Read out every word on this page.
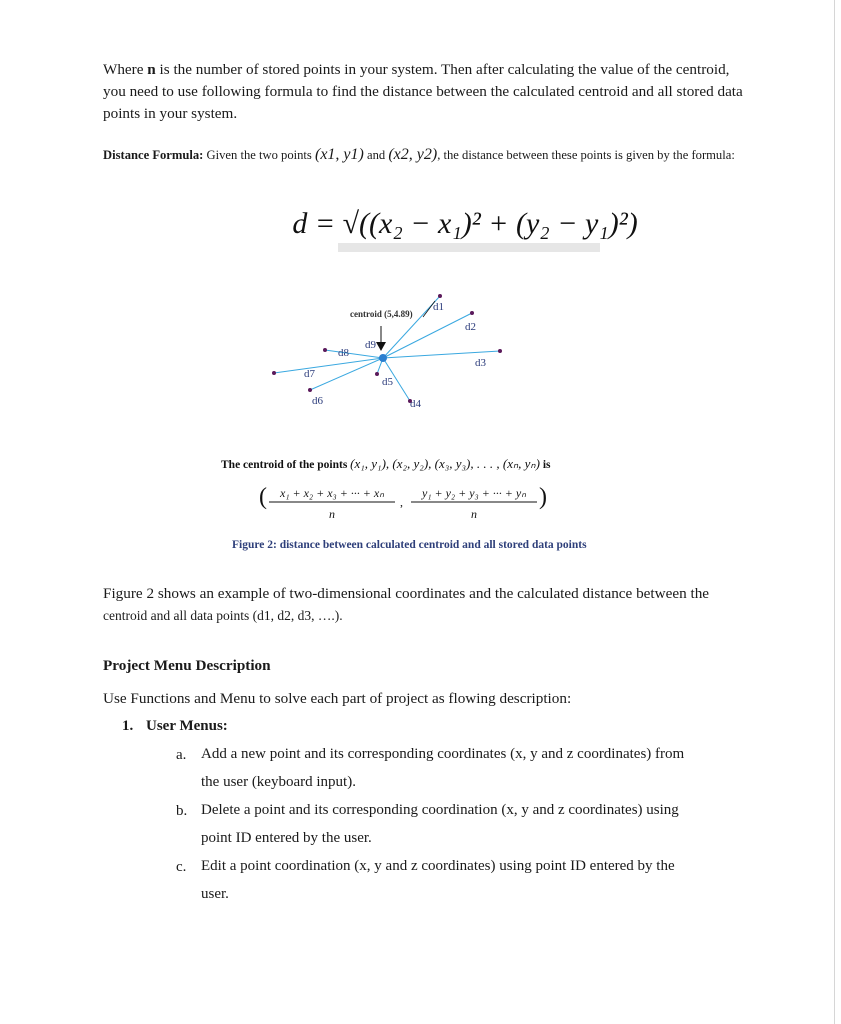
Where n is the number of stored points in your system. Then after calculating the value of the centroid, you need to use following formula to find the distance between the calculated centroid and all stored data points in your system.
Distance Formula: Given the two points (x1, y1) and (x2, y2), the distance between these points is given by the formula:
d = √((x₂ − x₁)² + (y₂ − y₁)²)
centroid (5,4.89)
d1
d2
d3
d4
d5
d6
d7
d8
d9
The centroid of the points (x₁, y₁), (x₂, y₂), (x₃, y₃), . . . , (xₙ, yₙ) is
( x₁ + x₂ + x₃ + ··· + xₙ
n
,
y₁ + y₂ + y₃ + ··· + yₙ
n
)
Figure 2: distance between calculated centroid and all stored data points
Figure 2 shows an example of two-dimensional coordinates and the calculated distance between the
centroid and all data points (d1, d2, d3, ….).
Project Menu Description
Use Functions and Menu to solve each part of project as flowing description:
1. User Menus:
a. Add a new point and its corresponding coordinates (x, y and z coordinates) from
the user (keyboard input).
b. Delete a point and its corresponding coordination (x, y and z coordinates) using
point ID entered by the user.
c. Edit a point coordination (x, y and z coordinates) using point ID entered by the
user.
